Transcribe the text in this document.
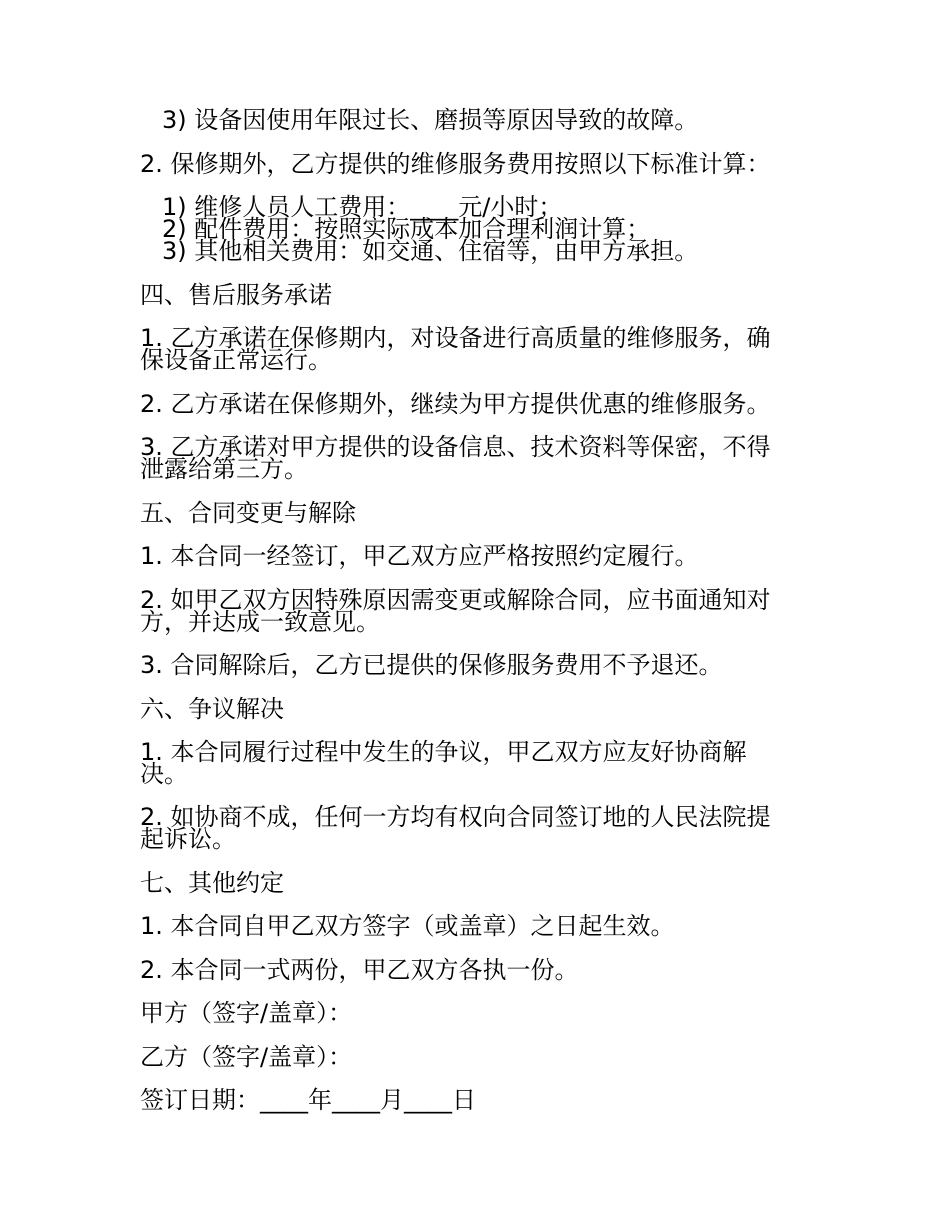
3) 设备因使用年限过长、磨损等原因导致的故障。
2. 保修期外，乙方提供的维修服务费用按照以下标准计算：
1) 维修人员人工费用：____元/小时；
2) 配件费用：按照实际成本加合理利润计算；
3) 其他相关费用：如交通、住宿等，由甲方承担。
四、售后服务承诺
1. 乙方承诺在保修期内，对设备进行高质量的维修服务，确
保设备正常运行。
2. 乙方承诺在保修期外，继续为甲方提供优惠的维修服务。
3. 乙方承诺对甲方提供的设备信息、技术资料等保密，不得
泄露给第三方。
五、合同变更与解除
1. 本合同一经签订，甲乙双方应严格按照约定履行。
2. 如甲乙双方因特殊原因需变更或解除合同，应书面通知对
方，并达成一致意见。
3. 合同解除后，乙方已提供的保修服务费用不予退还。
六、争议解决
1. 本合同履行过程中发生的争议，甲乙双方应友好协商解
决。
2. 如协商不成，任何一方均有权向合同签订地的人民法院提
起诉讼。
七、其他约定
1. 本合同自甲乙双方签字（或盖章）之日起生效。
2. 本合同一式两份，甲乙双方各执一份。
甲方（签字/盖章）：
乙方（签字/盖章）：
签订日期：____年____月____日
